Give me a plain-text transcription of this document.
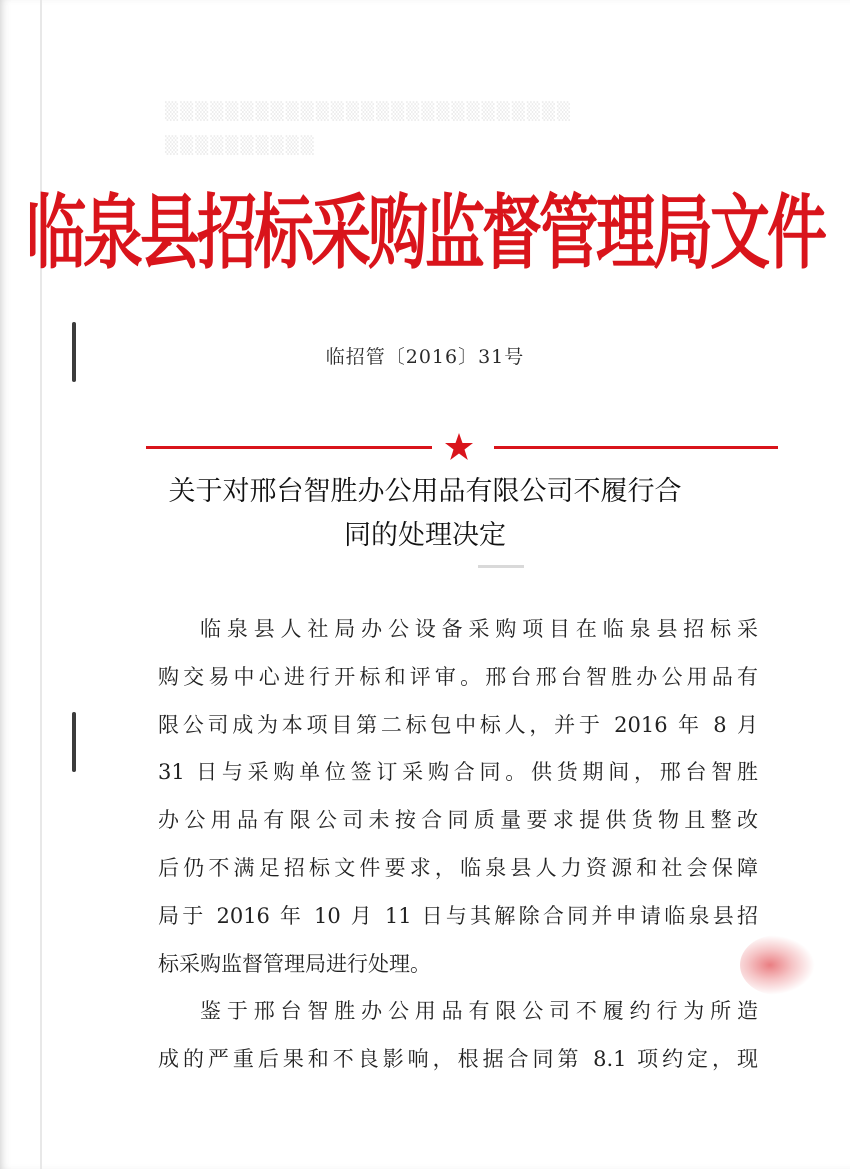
▒▒▒▒▒▒▒▒▒▒▒▒▒▒▒▒▒▒▒▒▒▒▒▒▒▒▒
▒▒▒▒▒▒▒▒▒▒
临泉县招标采购监督管理局文件
临招管〔2016〕31号
关于对邢台智胜办公用品有限公司不履行合
同的处理决定
临泉县人社局办公设备采购项目在临泉县招标采
购交易中心进行开标和评审。邢台邢台智胜办公用品有
限公司成为本项目第二标包中标人，并于 2016 年 8 月
31 日与采购单位签订采购合同。供货期间，邢台智胜
办公用品有限公司未按合同质量要求提供货物且整改
后仍不满足招标文件要求，临泉县人力资源和社会保障
局于 2016 年 10 月 11 日与其解除合同并申请临泉县招
标采购监督管理局进行处理。
鉴于邢台智胜办公用品有限公司不履约行为所造
成的严重后果和不良影响，根据合同第 8.1 项约定，现
